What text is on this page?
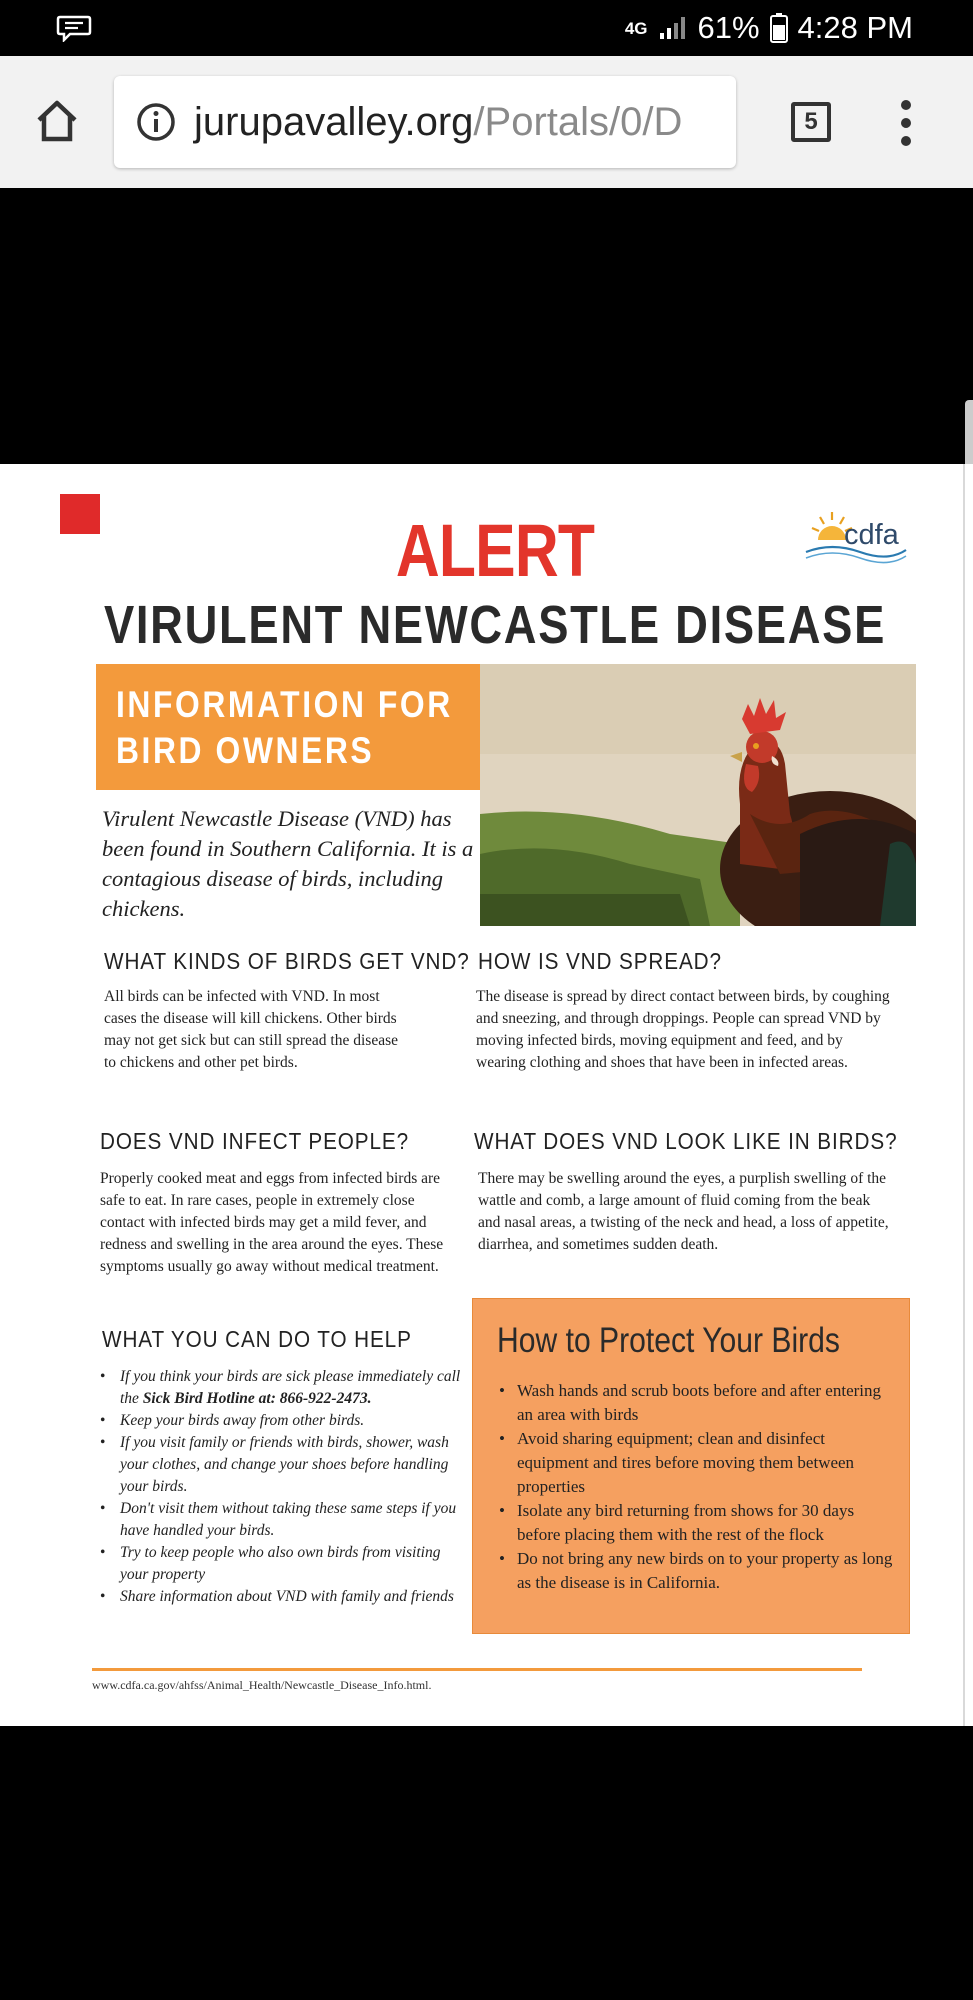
4G 61% 4:28 PM
jurupavalley.org/Portals/0/D	5
cdfa
ALERT
VIRULENT NEWCASTLE DISEASE
INFORMATION FOR
BIRD OWNERS
Virulent Newcastle Disease (VND) has been found in Southern California. It is a contagious disease of birds, including chickens.
WHAT KINDS OF BIRDS GET VND?
All birds can be infected with VND. In most cases the disease will kill chickens. Other birds may not get sick but can still spread the disease to chickens and other pet birds.
HOW IS VND SPREAD?
The disease is spread by direct contact between birds, by coughing and sneezing, and through droppings. People can spread VND by moving infected birds, moving equipment and feed, and by wearing clothing and shoes that have been in infected areas.
DOES VND INFECT PEOPLE?
Properly cooked meat and eggs from infected birds are safe to eat. In rare cases, people in extremely close contact with infected birds may get a mild fever, and redness and swelling in the area around the eyes. These symptoms usually go away without medical treatment.
WHAT DOES VND LOOK LIKE IN BIRDS?
There may be swelling around the eyes, a purplish swelling of the wattle and comb, a large amount of fluid coming from the beak and nasal areas, a twisting of the neck and head, a loss of appetite, diarrhea, and sometimes sudden death.
WHAT YOU CAN DO TO HELP
• If you think your birds are sick please immediately call the Sick Bird Hotline at: 866-922-2473.
• Keep your birds away from other birds.
• If you visit family or friends with birds, shower, wash your clothes, and change your shoes before handling your birds.
• Don't visit them without taking these same steps if you have handled your birds.
• Try to keep people who also own birds from visiting your property
• Share information about VND with family and friends
How to Protect Your Birds
• Wash hands and scrub boots before and after entering an area with birds
• Avoid sharing equipment; clean and disinfect equipment and tires before moving them between properties
• Isolate any bird returning from shows for 30 days before placing them with the rest of the flock
• Do not bring any new birds on to your property as long as the disease is in California.
www.cdfa.ca.gov/ahfss/Animal_Health/Newcastle_Disease_Info.html.
